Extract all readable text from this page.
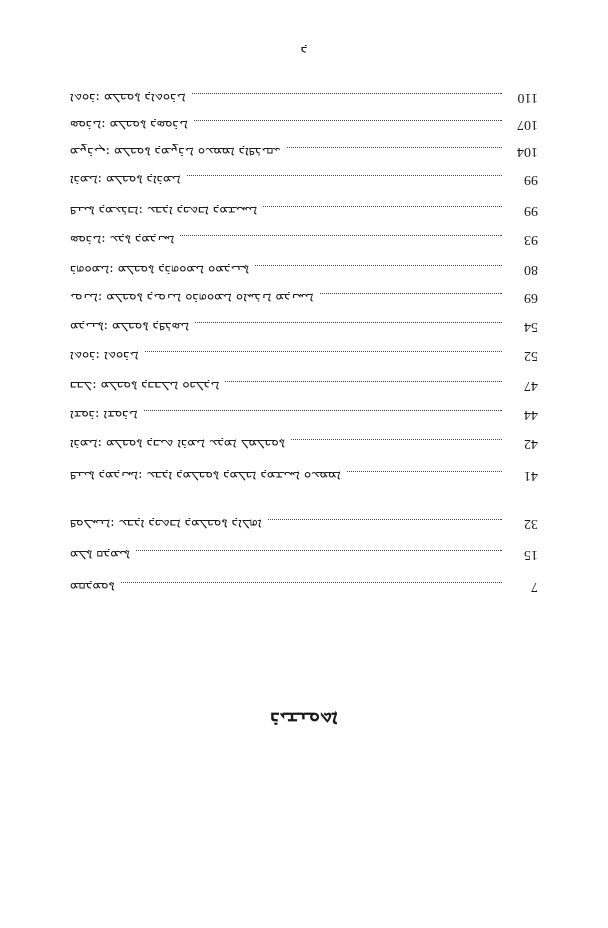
ܪܝܫܢܘܬܐ
ܡܩܕܡܘܬܐ	7
ܡܠܬܐ ܩܕܡܝܬܐ	15
ܦܘܠܚܢܐ: ܥܒܕܐ ܕܟܬܒܐ ܕܡܠܟܘܬܐ ܕܐܠܗܐ	32
ܦܢܝܬܐ ܕܡܕܢܚܐ: ܥܒܕܐ ܕܡܠܟܘܬܐ ܕܡܠܟܐ ܕܡܫܝܚܐ ܘܥܡܡܐ	41
ܐܪܡܝܐ: ܡܠܟܘܬܐ ܕܒܝܬ ܐܪܡܝܐ ܥܕܡܐ ܠܡܠܟܘܬܐ	42
ܐܫܘܪ: ܐܫܘܪܝܐ	44
ܒܒܠ: ܡܠܟܘܬܐ ܕܒܒܠܝܐ ܘܟܠܕܝܐ	47
ܐܬܘܪ: ܐܬܘܪܝܐ	52
ܡܕܝܢܬܐ: ܡܠܟܘܬܐ ܕܦܪܣܝܐ	54
ܝܘܢܝܐ: ܡܠܟܘܬܐ ܕܝܘܢܝܐ ܘܪܗܘܡܝܐ ܘܐܚܪܢܐ ܡܕܢܚܝܐ	69
ܪܗܘܡܝܐ: ܡܠܟܘܬܐ ܕܪܗܘܡܝܐ ܘܡܕܝܢܬܐ	80
ܣܘܪܝܐ: ܥܕܬܐ ܕܡܕܢܚܐ	93
ܦܢܝܬܐ ܕܡܥܪܒܐ: ܥܒܕܐ ܕܟܬܒܐ ܕܡܫܝܚܝܐ	99
ܐܪܡܝܐ: ܡܠܟܘܬܐ ܕܐܪܡܝܐ	99
ܡܨܪܝܢ: ܡܠܟܘܬܐ ܕܡܨܪܝܐ ܘܥܡܡܐ ܕܐܦܪܝܩܝ	104
ܣܘܪܝܐ: ܡܠܟܘܬܐ ܕܣܘܪܝܐ	107
ܐܬܘܪ: ܡܠܟܘܬܐ ܕܐܬܘܪܝܐ	110
ܕ
